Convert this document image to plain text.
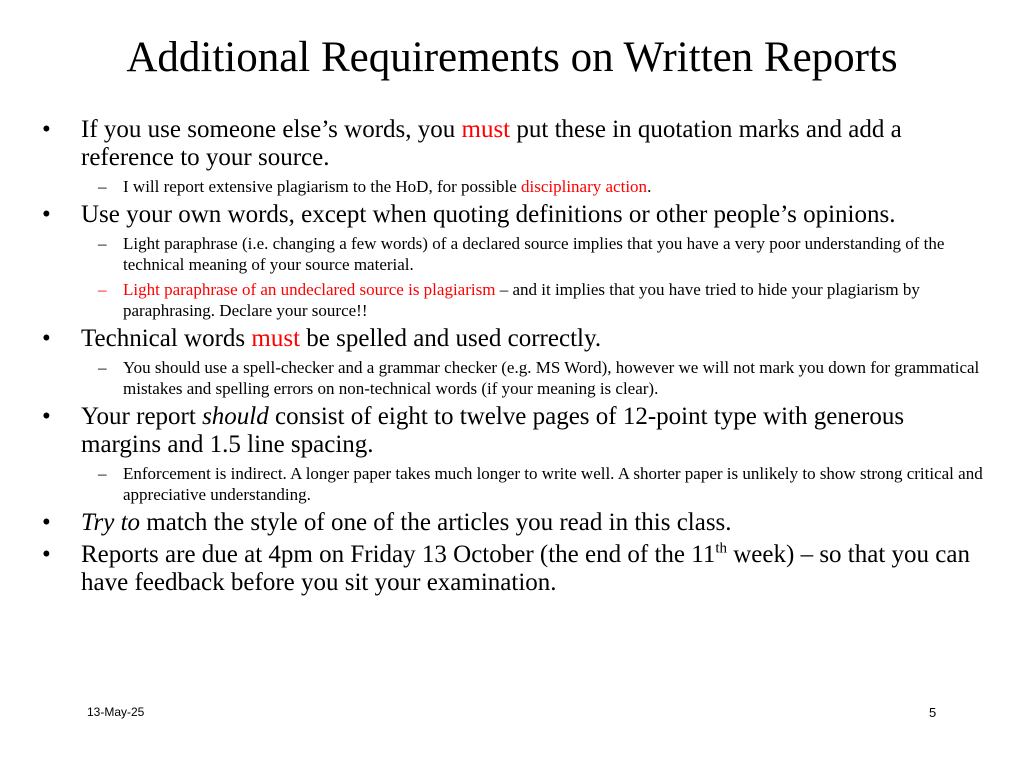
Additional Requirements on Written Reports
• If you use someone else’s words, you must put these in quotation marks and add a reference to your source.
– I will report extensive plagiarism to the HoD, for possible disciplinary action.
• Use your own words, except when quoting definitions or other people’s opinions.
– Light paraphrase (i.e. changing a few words) of a declared source implies that you have a very poor understanding of the technical meaning of your source material.
– Light paraphrase of an undeclared source is plagiarism – and it implies that you have tried to hide your plagiarism by paraphrasing. Declare your source!!
• Technical words must be spelled and used correctly.
– You should use a spell-checker and a grammar checker (e.g. MS Word), however we will not mark you down for grammatical mistakes and spelling errors on non-technical words (if your meaning is clear).
• Your report should consist of eight to twelve pages of 12-point type with generous margins and 1.5 line spacing.
– Enforcement is indirect. A longer paper takes much longer to write well. A shorter paper is unlikely to show strong critical and appreciative understanding.
• Try to match the style of one of the articles you read in this class.
• Reports are due at 4pm on Friday 13 October (the end of the 11th week) – so that you can have feedback before you sit your examination.
13-May-25	5
